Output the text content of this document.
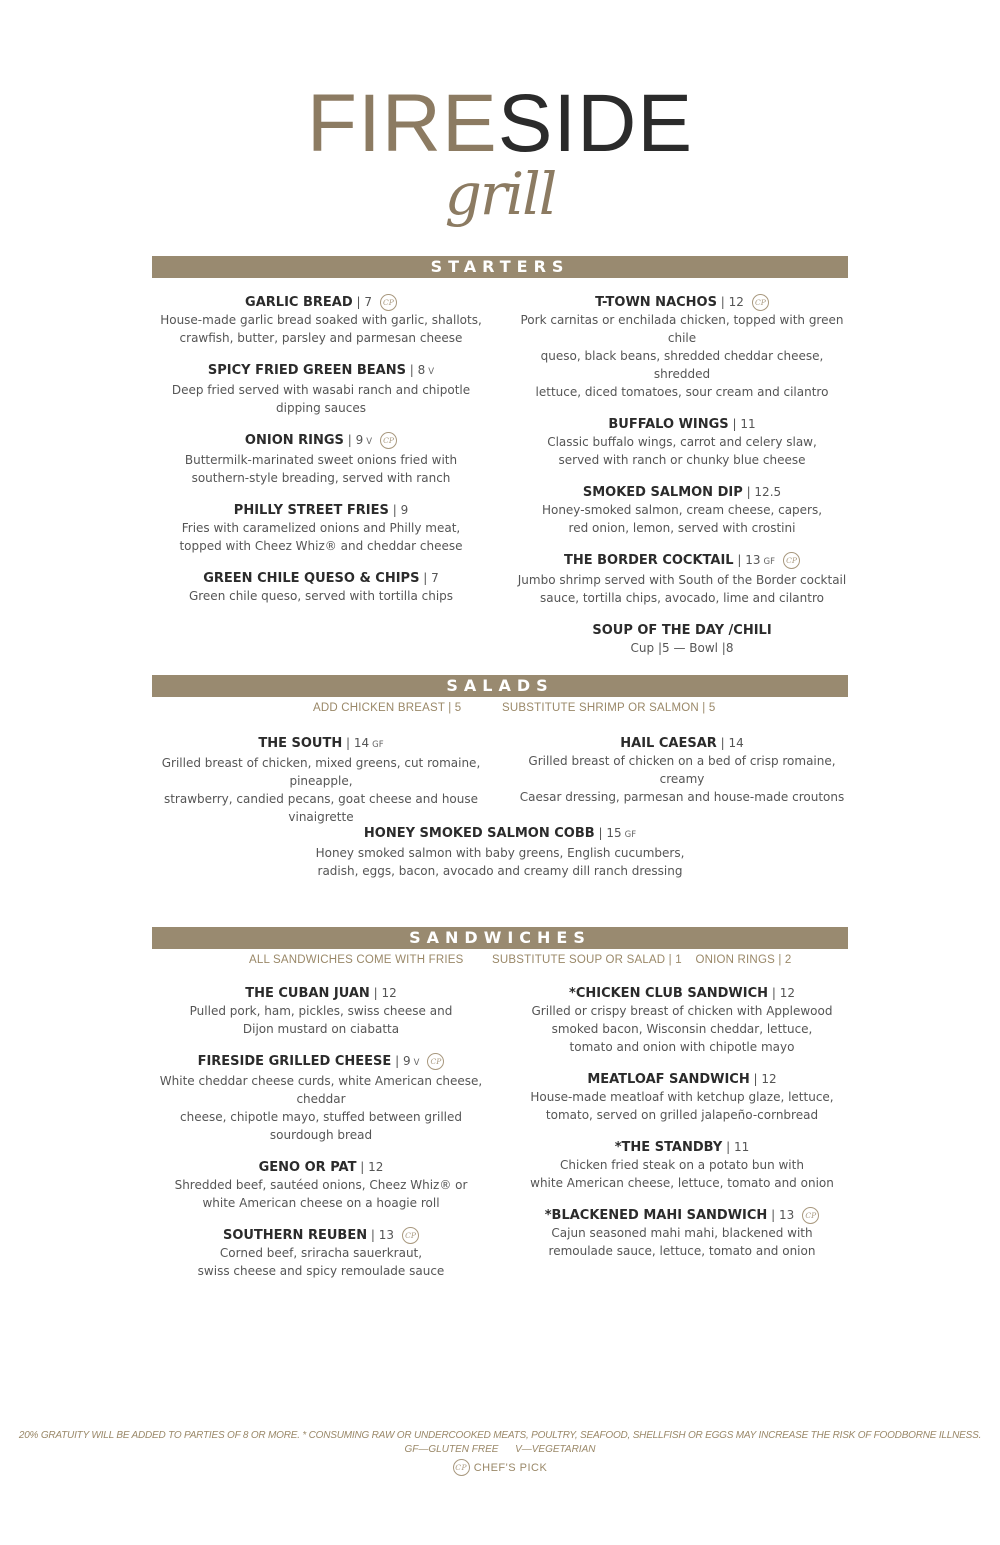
FIRESIDE
grill
STARTERS
GARLIC BREAD | 7 CP
House-made garlic bread soaked with garlic, shallots,
crawfish, butter, parsley and parmesan cheese
SPICY FRIED GREEN BEANS | 8 V
Deep fried served with wasabi ranch and chipotle dipping sauces
ONION RINGS | 9 V CP
Buttermilk-marinated sweet onions fried with
southern-style breading, served with ranch
PHILLY STREET FRIES | 9
Fries with caramelized onions and Philly meat,
topped with Cheez Whiz® and cheddar cheese
GREEN CHILE QUESO & CHIPS | 7
Green chile queso, served with tortilla chips
T-TOWN NACHOS | 12 CP
Pork carnitas or enchilada chicken, topped with green chile
queso, black beans, shredded cheddar cheese, shredded
lettuce, diced tomatoes, sour cream and cilantro
BUFFALO WINGS | 11
Classic buffalo wings, carrot and celery slaw,
served with ranch or chunky blue cheese
SMOKED SALMON DIP | 12.5
Honey-smoked salmon, cream cheese, capers,
red onion, lemon, served with crostini
THE BORDER COCKTAIL | 13 GF CP
Jumbo shrimp served with South of the Border cocktail
sauce, tortilla chips, avocado, lime and cilantro
SOUP OF THE DAY /CHILI
Cup |5 — Bowl |8
SALADS
ADD CHICKEN BREAST | 5	SUBSTITUTE SHRIMP OR SALMON | 5
THE SOUTH | 14 GF
Grilled breast of chicken, mixed greens, cut romaine, pineapple,
strawberry, candied pecans, goat cheese and house vinaigrette
HAIL CAESAR | 14
Grilled breast of chicken on a bed of crisp romaine, creamy
Caesar dressing, parmesan and house-made croutons
HONEY SMOKED SALMON COBB | 15 GF
Honey smoked salmon with baby greens, English cucumbers,
radish, eggs, bacon, avocado and creamy dill ranch dressing
SANDWICHES
ALL SANDWICHES COME WITH FRIES SUBSTITUTE SOUP OR SALAD | 1    ONION RINGS | 2
THE CUBAN JUAN | 12
Pulled pork, ham, pickles, swiss cheese and
Dijon mustard on ciabatta
FIRESIDE GRILLED CHEESE | 9 V CP
White cheddar cheese curds, white American cheese, cheddar
cheese, chipotle mayo, stuffed between grilled sourdough bread
GENO OR PAT | 12
Shredded beef, sautéed onions, Cheez Whiz® or
white American cheese on a hoagie roll
SOUTHERN REUBEN | 13 CP
Corned beef, sriracha sauerkraut,
swiss cheese and spicy remoulade sauce
*CHICKEN CLUB SANDWICH | 12
Grilled or crispy breast of chicken with Applewood
smoked bacon, Wisconsin cheddar, lettuce,
tomato and onion with chipotle mayo
MEATLOAF SANDWICH | 12
House-made meatloaf with ketchup glaze, lettuce,
tomato, served on grilled jalapeño-cornbread
*THE STANDBY | 11
Chicken fried steak on a potato bun with
white American cheese, lettuce, tomato and onion
*BLACKENED MAHI SANDWICH | 13 CP
Cajun seasoned mahi mahi, blackened with
remoulade sauce, lettuce, tomato and onion
20% GRATUITY WILL BE ADDED TO PARTIES OF 8 OR MORE. * CONSUMING RAW OR UNDERCOOKED MEATS, POULTRY, SEAFOOD, SHELLFISH OR EGGS MAY INCREASE THE RISK OF FOODBORNE ILLNESS.
GF—GLUTEN FREE      V—VEGETARIAN
CP CHEF'S PICK
